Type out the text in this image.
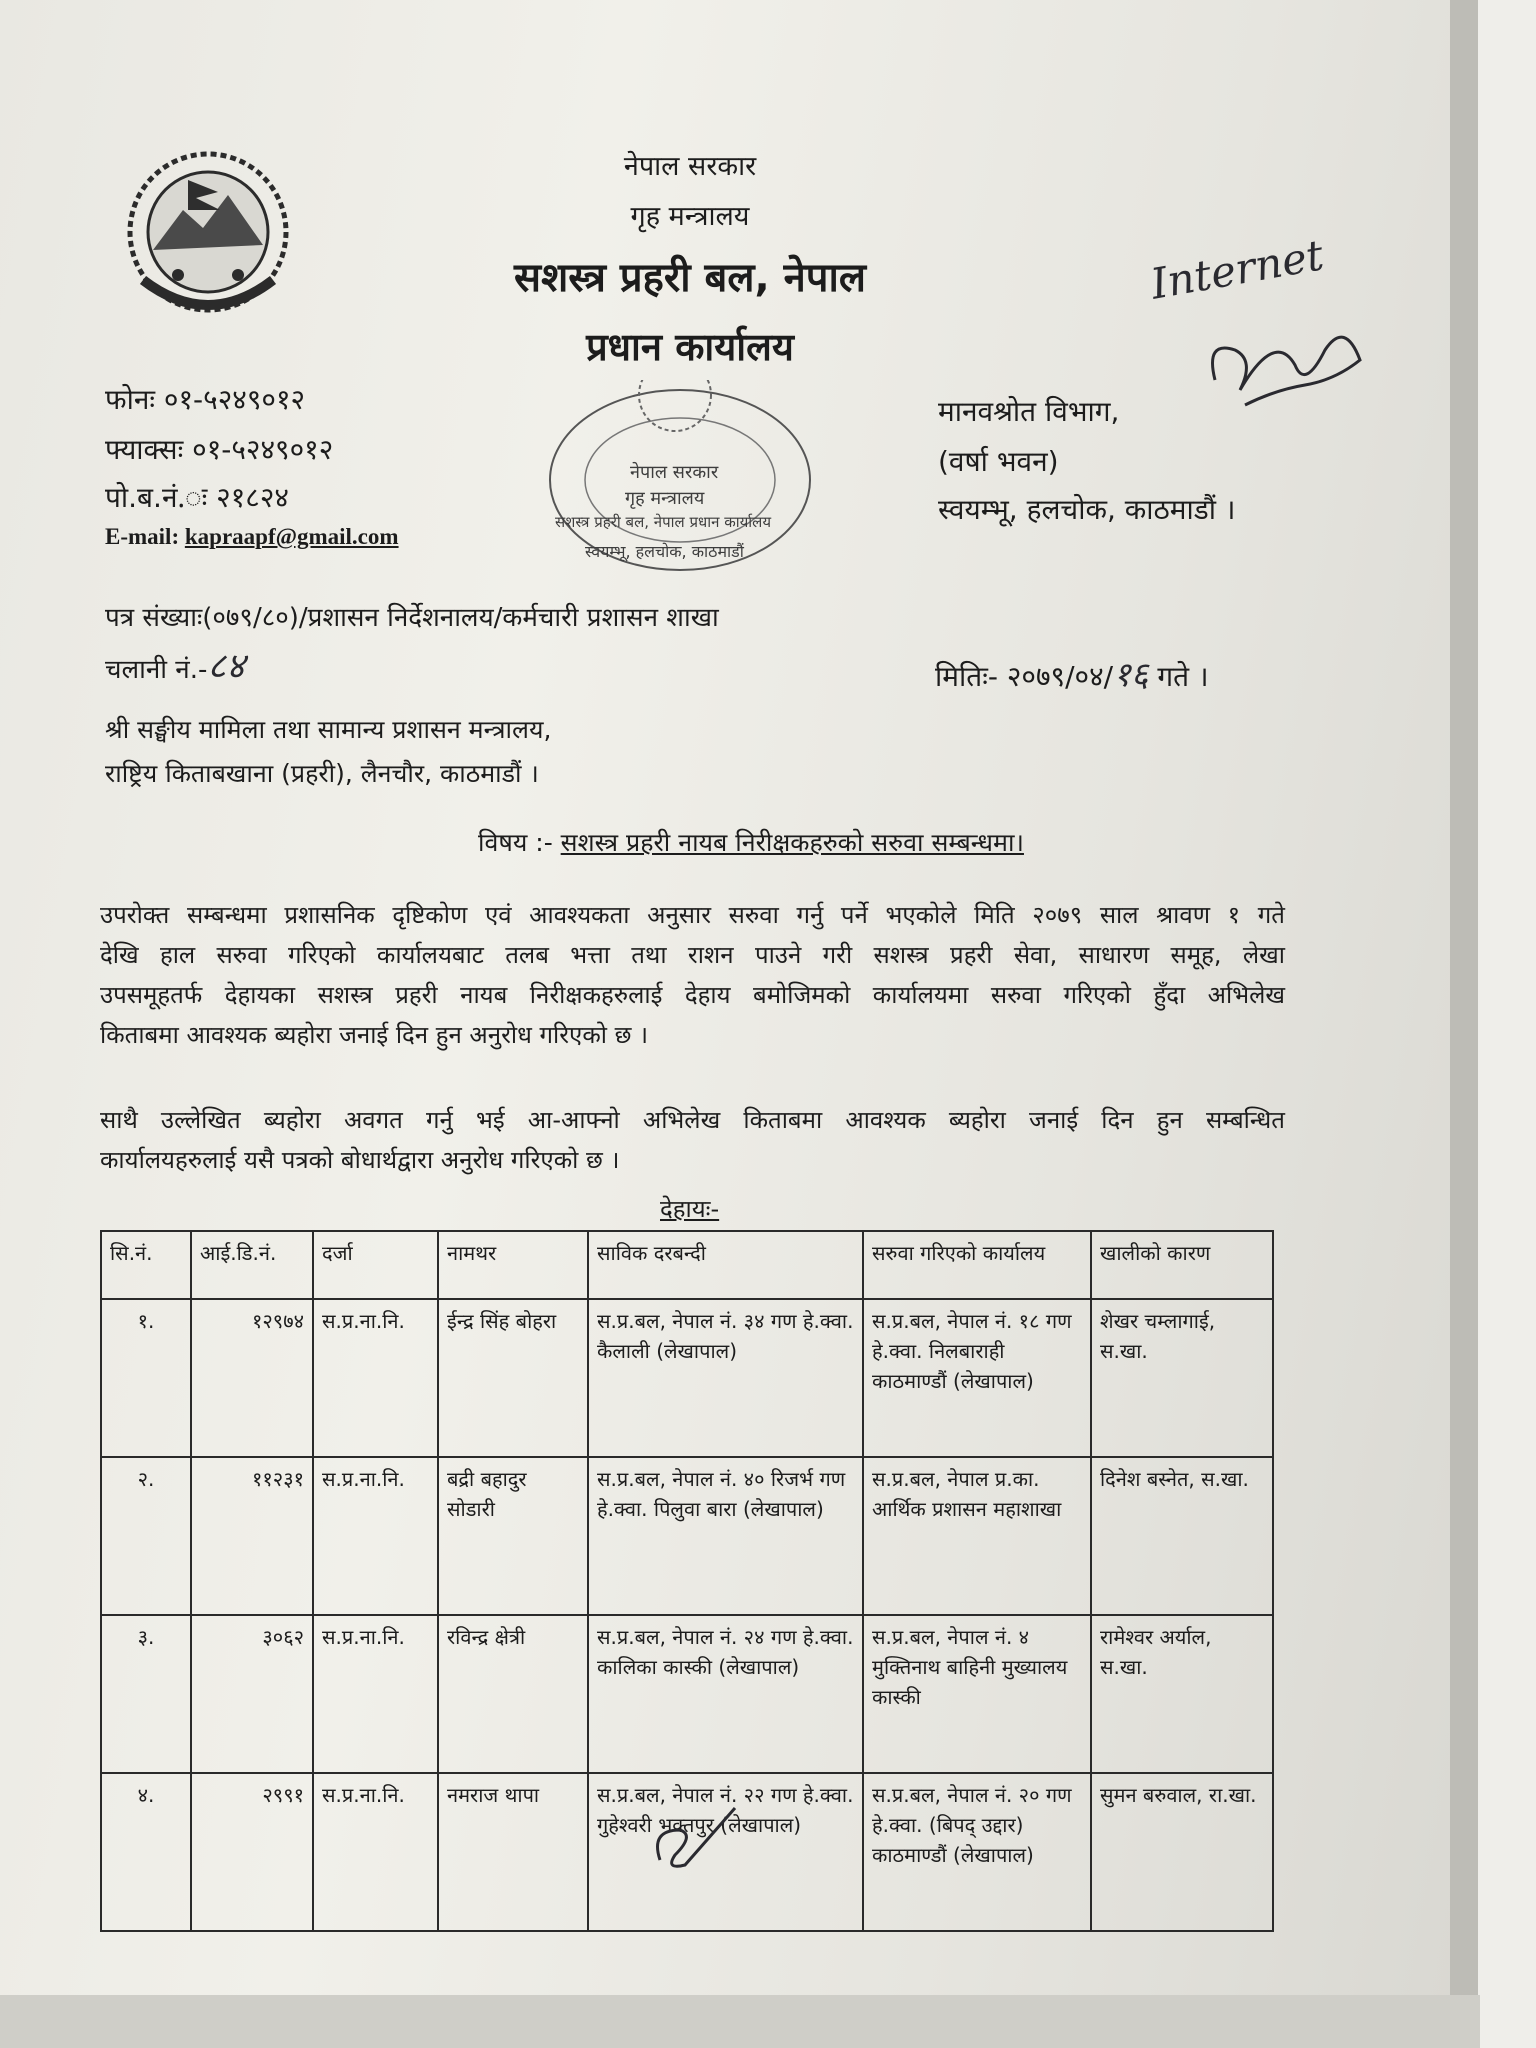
नेपाल सरकार
गृह मन्त्रालय
सशस्त्र प्रहरी बल, नेपाल
प्रधान कार्यालय
नेपाल सरकार
गृह मन्त्रालय
सशस्त्र प्रहरी बल, नेपाल प्रधान कार्यालय
स्वयम्भू, हलचोक, काठमाडौं
फोनः ०१-५२४९०१२
फ्याक्सः ०१-५२४९०१२
पो.ब.नं.ः २१८२४
E-mail: kapraapf@gmail.com
मानवश्रोत विभाग,
(वर्षा भवन)
स्वयम्भू, हलचोक, काठमाडौं ।
Internet
पत्र संख्याः(०७९/८०)/प्रशासन निर्देशनालय/कर्मचारी प्रशासन शाखा
चलानी नं.-८४	मितिः- २०७९/०४/१६ गते ।
श्री सङ्घीय मामिला तथा सामान्य प्रशासन मन्त्रालय,
राष्ट्रिय किताबखाना (प्रहरी), लैनचौर, काठमाडौं ।
विषय :- सशस्त्र प्रहरी नायब निरीक्षकहरुको सरुवा सम्बन्धमा।
उपरोक्त सम्बन्धमा प्रशासनिक दृष्टिकोण एवं आवश्यकता अनुसार सरुवा गर्नु पर्ने भएकोले मिति २०७९ साल श्रावण १ गते
देखि हाल सरुवा गरिएको कार्यालयबाट तलब भत्ता तथा राशन पाउने गरी सशस्त्र प्रहरी सेवा, साधारण समूह, लेखा
उपसमूहतर्फ देहायका सशस्त्र प्रहरी नायब निरीक्षकहरुलाई देहाय बमोजिमको कार्यालयमा सरुवा गरिएको हुँदा अभिलेख
किताबमा आवश्यक ब्यहोरा जनाई दिन हुन अनुरोध गरिएको छ ।
साथै उल्लेखित ब्यहोरा अवगत गर्नु भई आ-आफ्नो अभिलेख किताबमा आवश्यक ब्यहोरा जनाई दिन हुन सम्बन्धित
कार्यालयहरुलाई यसै पत्रको बोधार्थद्वारा अनुरोध गरिएको छ ।
देहायः-
सि.नं.	आई.डि.नं.	दर्जा	नामथर	साविक दरबन्दी	सरुवा गरिएको कार्यालय	खालीको कारण
१.	१२९७४	स.प्र.ना.नि.	ईन्द्र सिंह बोहरा	स.प्र.बल, नेपाल नं. ३४ गण हे.क्वा. कैलाली (लेखापाल)	स.प्र.बल, नेपाल नं. १८ गण हे.क्वा. निलबाराही काठमाण्डौं (लेखापाल)	शेखर चम्लागाई, स.खा.
२.	११२३१	स.प्र.ना.नि.	बद्री बहादुर सोडारी	स.प्र.बल, नेपाल नं. ४० रिजर्भ गण हे.क्वा. पिलुवा बारा (लेखापाल)	स.प्र.बल, नेपाल प्र.का. आर्थिक प्रशासन महाशाखा	दिनेश बस्नेत, स.खा.
३.	३०६२	स.प्र.ना.नि.	रविन्द्र क्षेत्री	स.प्र.बल, नेपाल नं. २४ गण हे.क्वा. कालिका कास्की (लेखापाल)	स.प्र.बल, नेपाल नं. ४ मुक्तिनाथ बाहिनी मुख्यालय कास्की	रामेश्वर अर्याल, स.खा.
४.	२९९१	स.प्र.ना.नि.	नमराज थापा	स.प्र.बल, नेपाल नं. २२ गण हे.क्वा. गुहेश्वरी भक्तपुर (लेखापाल)	स.प्र.बल, नेपाल नं. २० गण हे.क्वा. (बिपद् उद्दार) काठमाण्डौं (लेखापाल)	सुमन बरुवाल, रा.खा.
